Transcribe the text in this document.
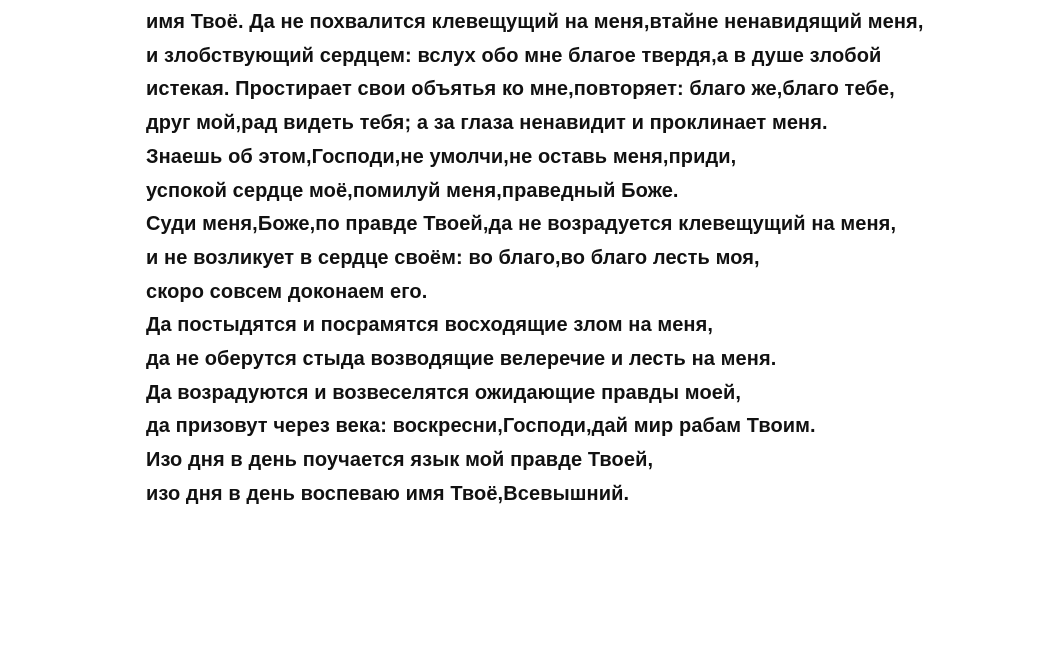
имя Твоё. Да не похвалится клевещущий на меня,втайне ненавидящий меня,

и злобствующий сердцем: вслух обо мне благое твердя,а в душе злобой

истекая. Простирает свои объятья ко мне,повторяет: благо же,благо тебе,

друг мой,рад видеть тебя; а за глаза ненавидит и проклинает меня.

Знаешь об этом,Господи,не умолчи,не оставь меня,приди,

успокой сердце моё,помилуй меня,праведный Боже.

Суди меня,Боже,по правде Твоей,да не возрадуется клевещущий на меня,

и не возликует в сердце своём: во благо,во благо лесть моя,

скоро совсем доконаем его.

Да постыдятся и посрамятся восходящие злом на меня,

да не оберутся стыда возводящие велеречие и лесть на меня.

Да возрадуются и возвеселятся ожидающие правды моей,

да призовут через века: воскресни,Господи,дай мир рабам Твоим.

Изо дня в день поучается язык мой правде Твоей,

изо дня в день воспеваю имя Твоё,Всевышний.
